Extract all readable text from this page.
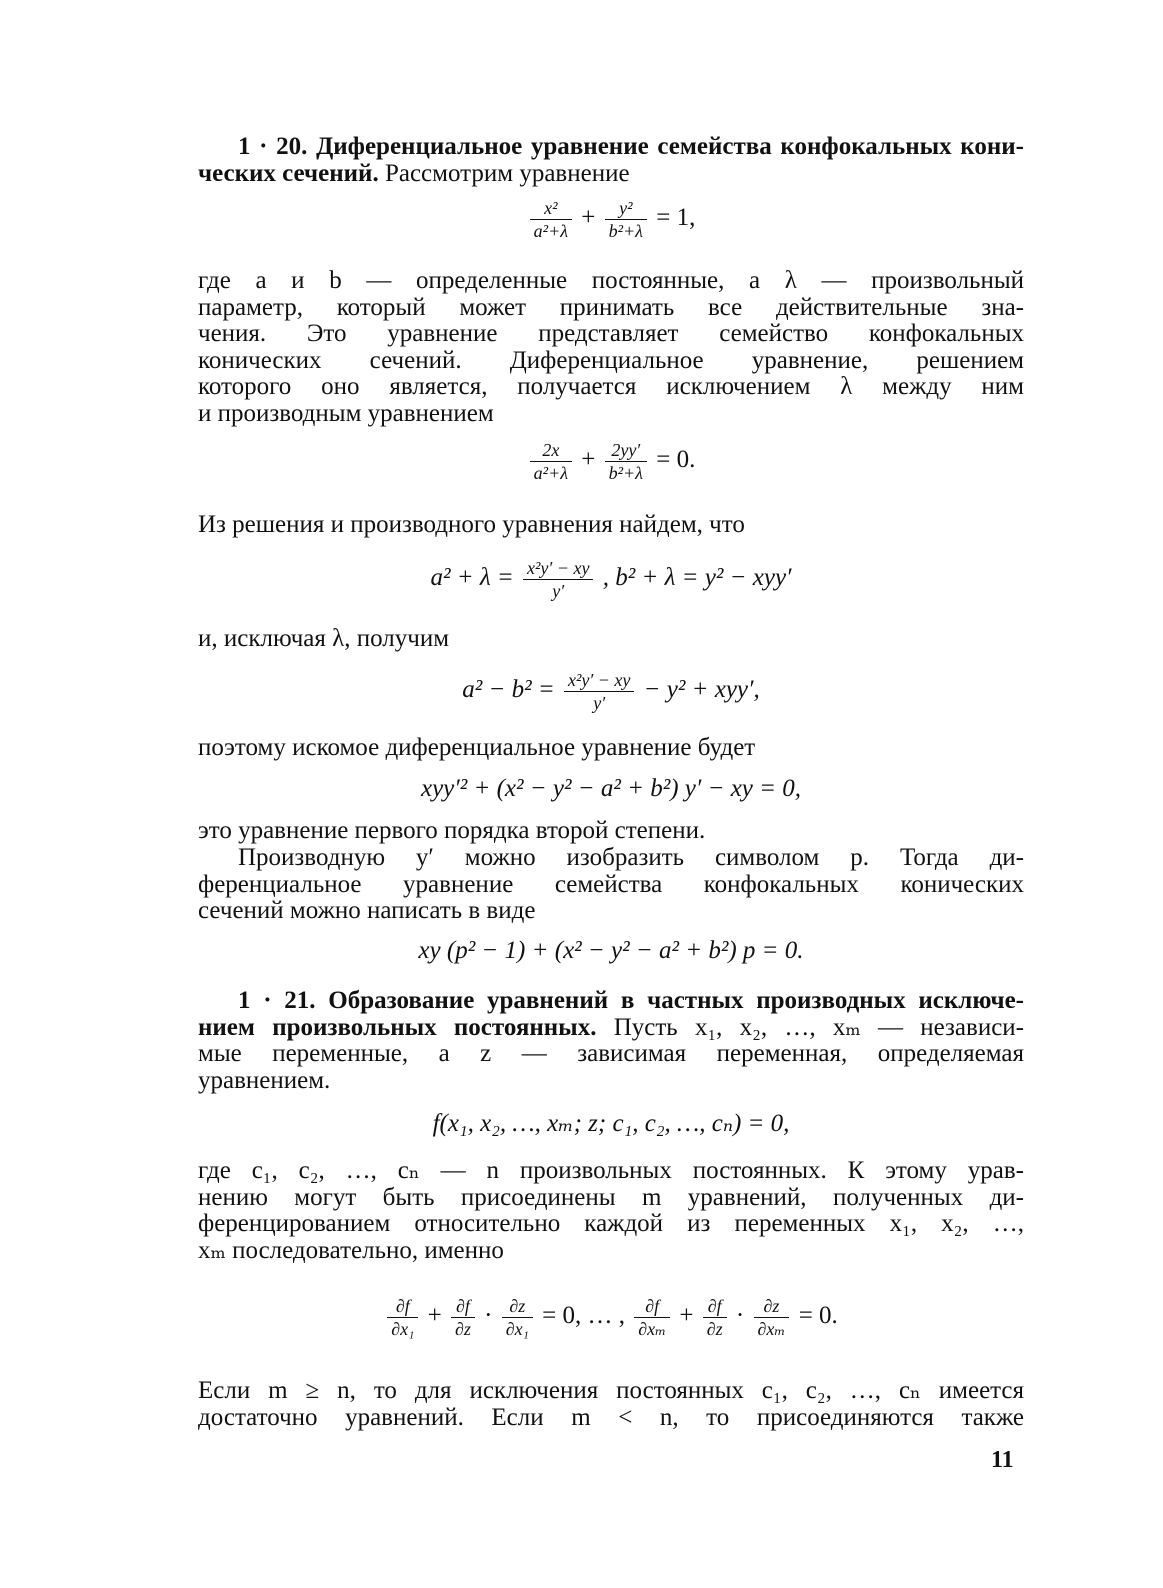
1 · 20. Диференциальное уравнение семейства конфокальных кони-
ческих сечений. Рассмотрим уравнение
$\frac{\text{x²}}{\text{a²+λ}} + \frac{\text{y²}}{\text{b²+λ}} = 1$,
где a и b — определенные постоянные, а λ — произвольный
параметр, который может принимать все действительные зна-
чения. Это уравнение представляет семейство конфокальных
конических сечений. Диференциальное уравнение, решением
которого оно является, получается исключением λ между ним
и производным уравнением
$\frac{2x}{\text{a²+λ}} + \frac{2yy'}{\text{b²+λ}} = 0$.
Из решения и производного уравнения найдем, что
$a^2 + \lambda = \frac{\text{x²y′ − xy}}{y'}$ , b² + λ = y² − xyy′
и, исключая λ, получим
$a^2 - b^2 = \frac{\text{x²y′ − xy}}{y'} - y^2 + xyy'$,
поэтому искомое диференциальное уравнение будет
xyy′² + (x² − y² − a² + b²) y′ − xy = 0,
это уравнение первого порядка второй степени.
Производную y′ можно изобразить символом p. Тогда ди-
ференциальное уравнение семейства конфокальных конических
сечений можно написать в виде
xy (p² − 1) + (x² − y² − a² + b²) p = 0.
1 · 21. Образование уравнений в частных производных исключе-
нием произвольных постоянных. Пусть x₁, x₂, …, xₘ — независи-
мые переменные, а z — зависимая переменная, определяемая
уравнением.
f(x₁, x₂, …, xₘ; z; c₁, c₂, …, cₙ) = 0,
где c₁, c₂, …, cₙ — n произвольных постоянных. К этому урав-
нению могут быть присоединены m уравнений, полученных ди-
ференцированием относительно каждой из переменных x₁, x₂, …,
xₘ последовательно, именно
$\frac{\partial f}{\text{∂x₁}} + \frac{\partial f}{\partial z} \cdot \frac{\partial z}{\text{∂x₁}} = 0$, … , $\frac{\partial f}{\text{∂xₘ}} + \frac{\partial f}{\partial z} \cdot \frac{\partial z}{\text{∂xₘ}} = 0$.
Если m ≥ n, то для исключения постоянных c₁, c₂, …, cₙ имеется
достаточно уравнений. Если m < n, то присоединяются также
11
